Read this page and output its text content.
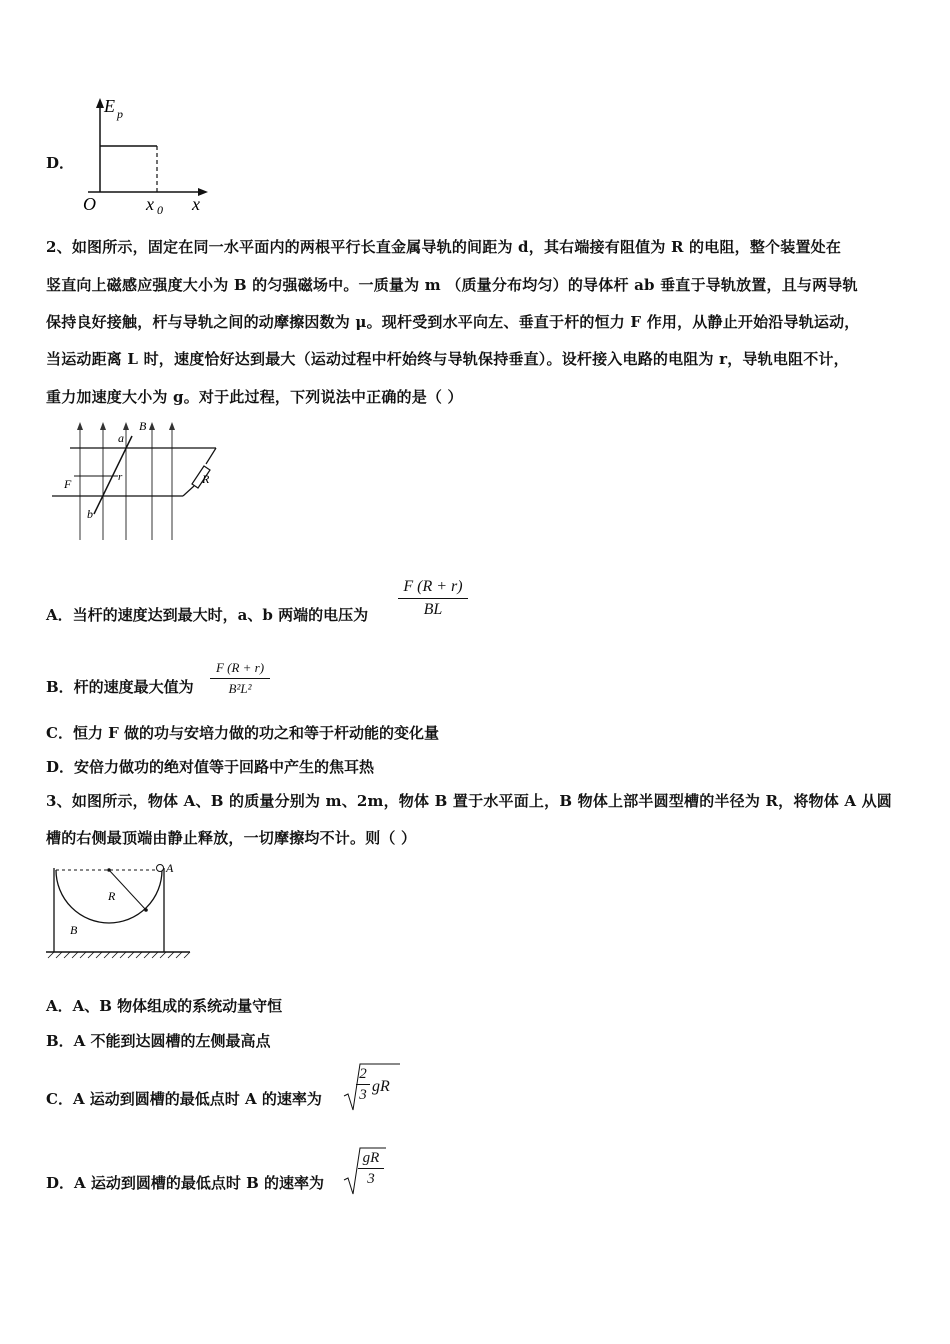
D．
E p
O	x 0 x
2、如图所示，固定在同一水平面内的两根平行长直金属导轨的间距为 d，其右端接有阻值为 R 的电阻，整个装置处在
竖直向上磁感应强度大小为 B 的匀强磁场中。一质量为 m （质量分布均匀）的导体杆 ab 垂直于导轨放置，且与两导轨
保持良好接触，杆与导轨之间的动摩擦因数为 μ。现杆受到水平向左、垂直于杆的恒力 F 作用，从静止开始沿导轨运动，
当运动距离 L 时，速度恰好达到最大（运动过程中杆始终与导轨保持垂直）。设杆接入电路的电阻为 r，导轨电阻不计，
重力加速度大小为 g。对于此过程，下列说法中正确的是（ ）
a
b
B
F	r	R
A．当杆的速度达到最大时，a、b 两端的电压为 $\frac{F (R + r)}{BL}$
B．杆的速度最大值为 $\frac{F (R + r)}{\text{B²L²}}$
C．恒力 F 做的功与安培力做的功之和等于杆动能的变化量
D．安倍力做功的绝对值等于回路中产生的焦耳热
3、如图所示，物体 A、B 的质量分别为 m、2m，物体 B 置于水平面上，B 物体上部半圆型槽的半径为 R，将物体 A 从圆
槽的右侧最顶端由静止释放，一切摩擦均不计。则（ ）
A
R
B
A．A、B 物体组成的系统动量守恒
B．A 不能到达圆槽的左侧最高点
C．A 运动到圆槽的最低点时 A 的速率为 $\frac{2}{3}$ gR
D．A 运动到圆槽的最低点时 B 的速率为 $\frac{gR}{3}$
